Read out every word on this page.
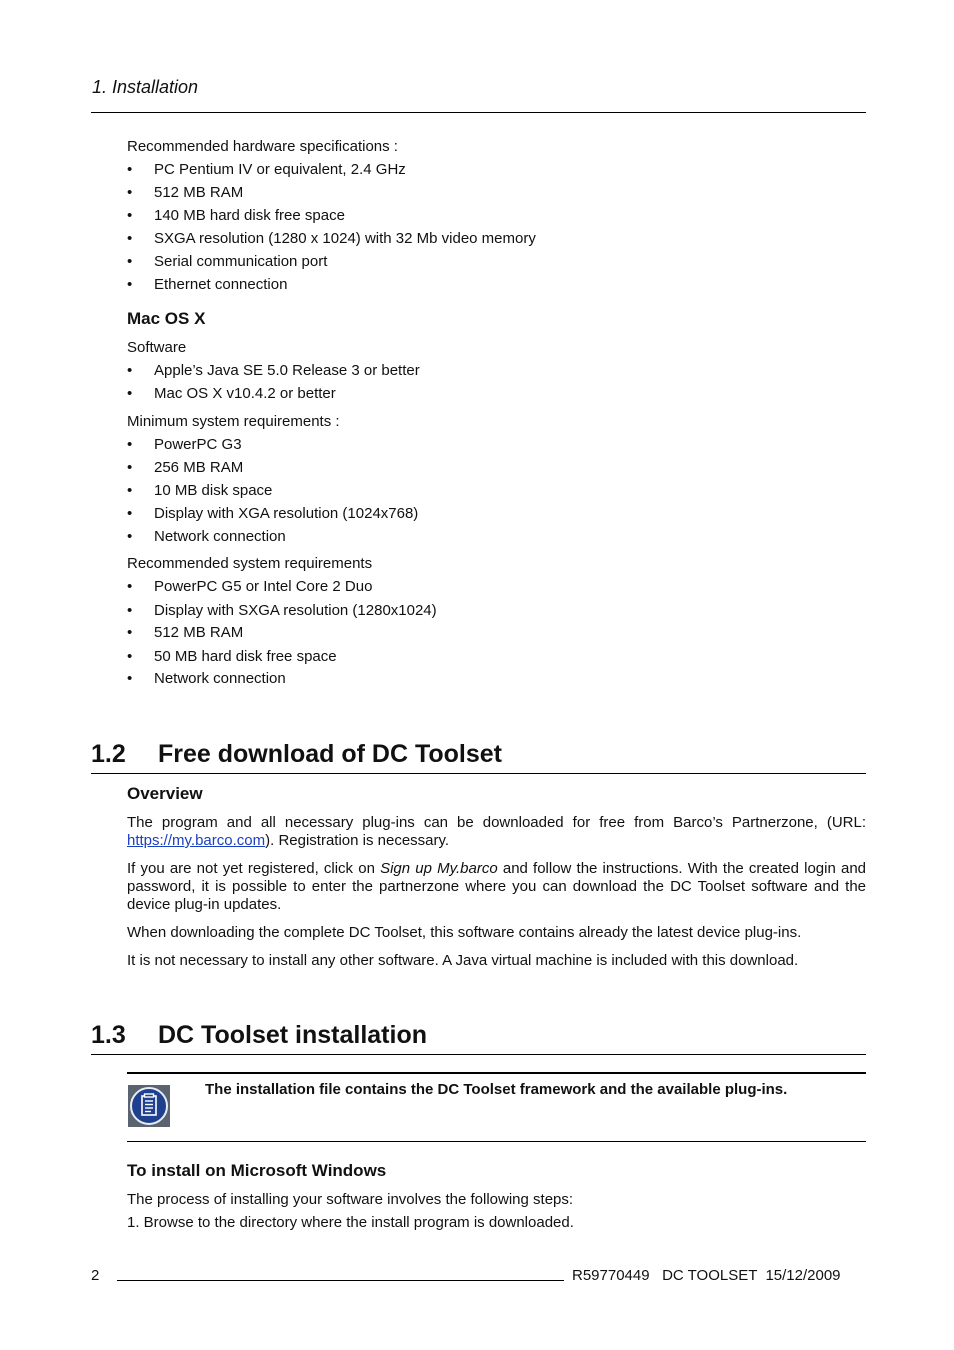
1. Installation
Recommended hardware specifications :
• PC Pentium IV or equivalent, 2.4 GHz
• 512 MB RAM
• 140 MB hard disk free space
• SXGA resolution (1280 x 1024) with 32 Mb video memory
• Serial communication port
• Ethernet connection
Mac OS X
Software
• Apple’s Java SE 5.0 Release 3 or better
• Mac OS X v10.4.2 or better
Minimum system requirements :
• PowerPC G3
• 256 MB RAM
• 10 MB disk space
• Display with XGA resolution (1024x768)
• Network connection
Recommended system requirements
• PowerPC G5 or Intel Core 2 Duo
• Display with SXGA resolution (1280x1024)
• 512 MB RAM
• 50 MB hard disk free space
• Network connection
1.2 Free download of DC Toolset
Overview
The program and all necessary plug-ins can be downloaded for free from Barco’s Partnerzone, (URL: https://my.barco.com). Registration is necessary.
If you are not yet registered, click on Sign up My.barco and follow the instructions. With the created login and password, it is possible to enter the partnerzone where you can download the DC Toolset software and the device plug-in updates.
When downloading the complete DC Toolset, this software contains already the latest device plug-ins.
It is not necessary to install any other software. A Java virtual machine is included with this download.
1.3 DC Toolset installation
The installation file contains the DC Toolset framework and the available plug-ins.
To install on Microsoft Windows
The process of installing your software involves the following steps:
1. Browse to the directory where the install program is downloaded.
2	R59770449   DC TOOLSET  15/12/2009
